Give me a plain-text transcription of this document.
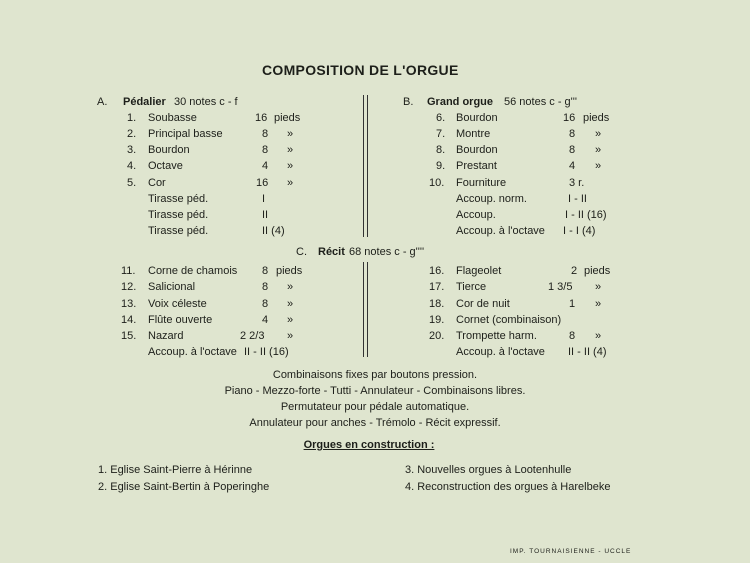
COMPOSITION DE L'ORGUE
A. Pédalier 30 notes c - f	B. Grand orgue 56 notes c - g'''
1. Soubasse	16 pieds
2. Principal basse	8 »
3. Bourdon	8 »
4. Octave	4 »
5. Cor	16 »
Tirasse péd.	I
Tirasse péd.	II
Tirasse péd.	II (4)
6. Bourdon	16 pieds
7. Montre	8 »
8. Bourdon	8 »
9. Prestant	4 »
10. Fourniture	3 r.
Accoup. norm.	I - II
Accoup.	I - II (16)
Accoup. à l'octave I - I (4)
C. Récit 68 notes c - g''''
11. Corne de chamois 8 pieds
12. Salicional	8 »
13. Voix céleste	8 »
14. Flûte ouverte	4 »
15. Nazard	2 2/3 »
Accoup. à l'octave II - II (16)
16. Flageolet	2 pieds
17. Tierce	1 3/5 »
18. Cor de nuit	1 »
19. Cornet (combinaison)
20. Trompette harm.	8 »
Accoup. à l'octave II - II (4)
Combinaisons fixes par boutons pression.
Piano - Mezzo-forte - Tutti - Annulateur - Combinaisons libres.
Permutateur pour pédale automatique.
Annulateur pour anches - Trémolo - Récit expressif.
Orgues en construction :
1. Eglise Saint-Pierre à Hérinne
2. Eglise Saint-Bertin à Poperinghe
3. Nouvelles orgues à Lootenhulle
4. Reconstruction des orgues à Harelbeke
IMP. TOURNAISIENNE - UCCLE
